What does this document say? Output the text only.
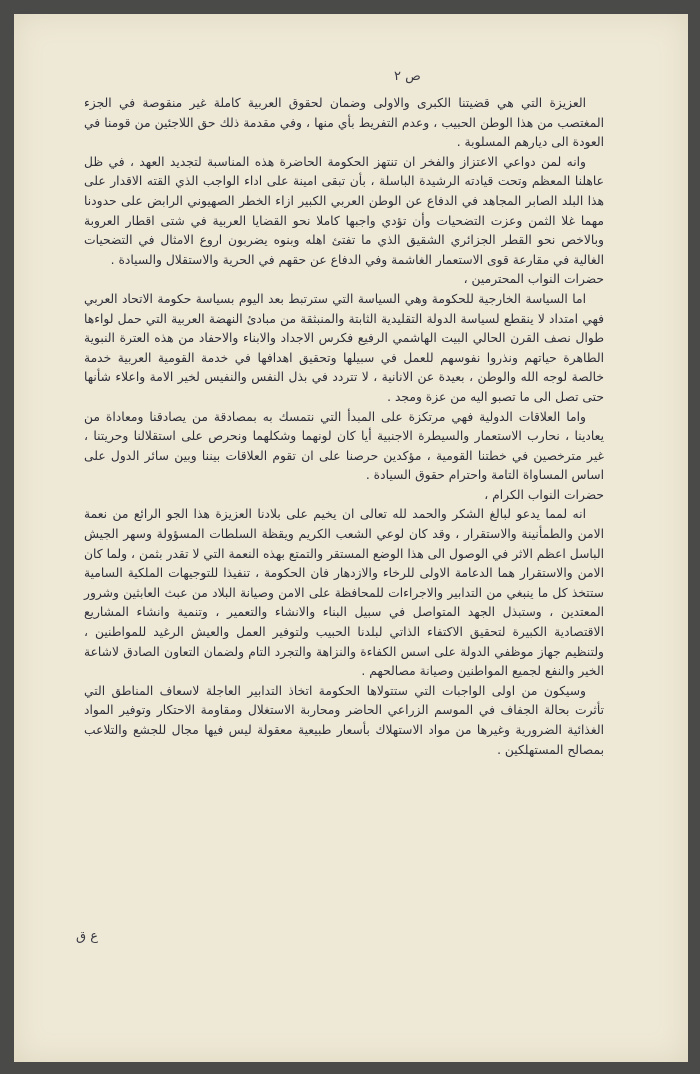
ص ٢

العزيزة التي هي قضيتنا الكبرى والاولى وضمان لحقوق العربية كاملة غير منقوصة في الجزء المغتصب من هذا الوطن الحبيب ، وعدم التفريط بأي منها ، وفي مقدمة ذلك حق اللاجئين من قومنا في العودة الى ديارهم المسلوبة .

وانه لمن دواعي الاعتزاز والفخر ان تنتهز الحكومة الحاضرة هذه المناسبة لتجديد العهد ، في ظل عاهلنا المعظم وتحت قيادته الرشيدة الباسلة ، بأن تبقى امينة على اداء الواجب الذي القته الاقدار على هذا البلد الصابر المجاهد في الدفاع عن الوطن العربي الكبير ازاء الخطر الصهيوني الرابض على حدودنا مهما غلا الثمن وعزت التضحيات وأن تؤدي واجبها كاملا نحو القضايا العربية في شتى اقطار العروبة وبالاخص نحو القطر الجزائري الشقيق الذي ما تفتئ اهله وبنوه يضربون اروع الامثال في التضحيات الغالية في مقارعة قوى الاستعمار الغاشمة وفي الدفاع عن حقهم في الحرية والاستقلال والسيادة .

حضرات النواب المحترمين ،

اما السياسة الخارجية للحكومة وهي السياسة التي سترتبط بعد اليوم بسياسة حكومة الاتحاد العربي فهي امتداد لا ينقطع لسياسة الدولة التقليدية الثابتة والمنبثقة من مبادئ النهضة العربية التي حمل لواءها طوال نصف القرن الحالي البيت الهاشمي الرفيع فكرس الاجداد والابناء والاحفاد من هذه العترة النبوية الطاهرة حياتهم ونذروا نفوسهم للعمل في سبيلها وتحقيق اهدافها في خدمة القومية العربية خدمة خالصة لوجه الله والوطن ، بعيدة عن الانانية ، لا تتردد في بذل النفس والنفيس لخير الامة واعلاء شأنها حتى تصل الى ما تصبو اليه من عزة ومجد .

واما العلاقات الدولية فهي مرتكزة على المبدأ التي نتمسك به بمصادقة من يصادقنا ومعاداة من يعادينا ، نحارب الاستعمار والسيطرة الاجنبية أيا كان لونهما وشكلهما ونحرص على استقلالنا وحريتنا ، غير مترخصين في خطتنا القومية ، مؤكدين حرصنا على ان تقوم العلاقات بيننا وبين سائر الدول على اساس المساواة التامة واحترام حقوق السيادة .

حضرات النواب الكرام ،

انه لمما يدعو لبالغ الشكر والحمد لله تعالى ان يخيم على بلادنا العزيزة هذا الجو الرائع من نعمة الامن والطمأنينة والاستقرار ، وقد كان لوعي الشعب الكريم ويقظة السلطات المسؤولة وسهر الجيش الباسل اعظم الاثر في الوصول الى هذا الوضع المستقر والتمتع بهذه النعمة التي لا تقدر بثمن ، ولما كان الامن والاستقرار هما الدعامة الاولى للرخاء والازدهار فان الحكومة ، تنفيذا للتوجيهات الملكية السامية ستتخذ كل ما ينبغي من التدابير والاجراءات للمحافظة على الامن وصيانة البلاد من عبث العابثين وشرور المعتدين ، وستبذل الجهد المتواصل في سبيل البناء والانشاء والتعمير ، وتنمية وانشاء المشاريع الاقتصادية الكبيرة لتحقيق الاكتفاء الذاتي لبلدنا الحبيب ولتوفير العمل والعيش الرغيد للمواطنين ، ولتنظيم جهاز موظفي الدولة على اسس الكفاءة والنزاهة والتجرد التام ولضمان التعاون الصادق لاشاعة الخير والنفع لجميع المواطنين وصيانة مصالحهم .

وسيكون من اولى الواجبات التي ستتولاها الحكومة اتخاذ التدابير العاجلة لاسعاف المناطق التي تأثرت بحالة الجفاف في الموسم الزراعي الحاضر ومحاربة الاستغلال ومقاومة الاحتكار وتوفير المواد الغذائية الضرورية وغيرها من مواد الاستهلاك بأسعار طبيعية معقولة ليس فيها مجال للجشع والتلاعب بمصالح المستهلكين .

ع ق
